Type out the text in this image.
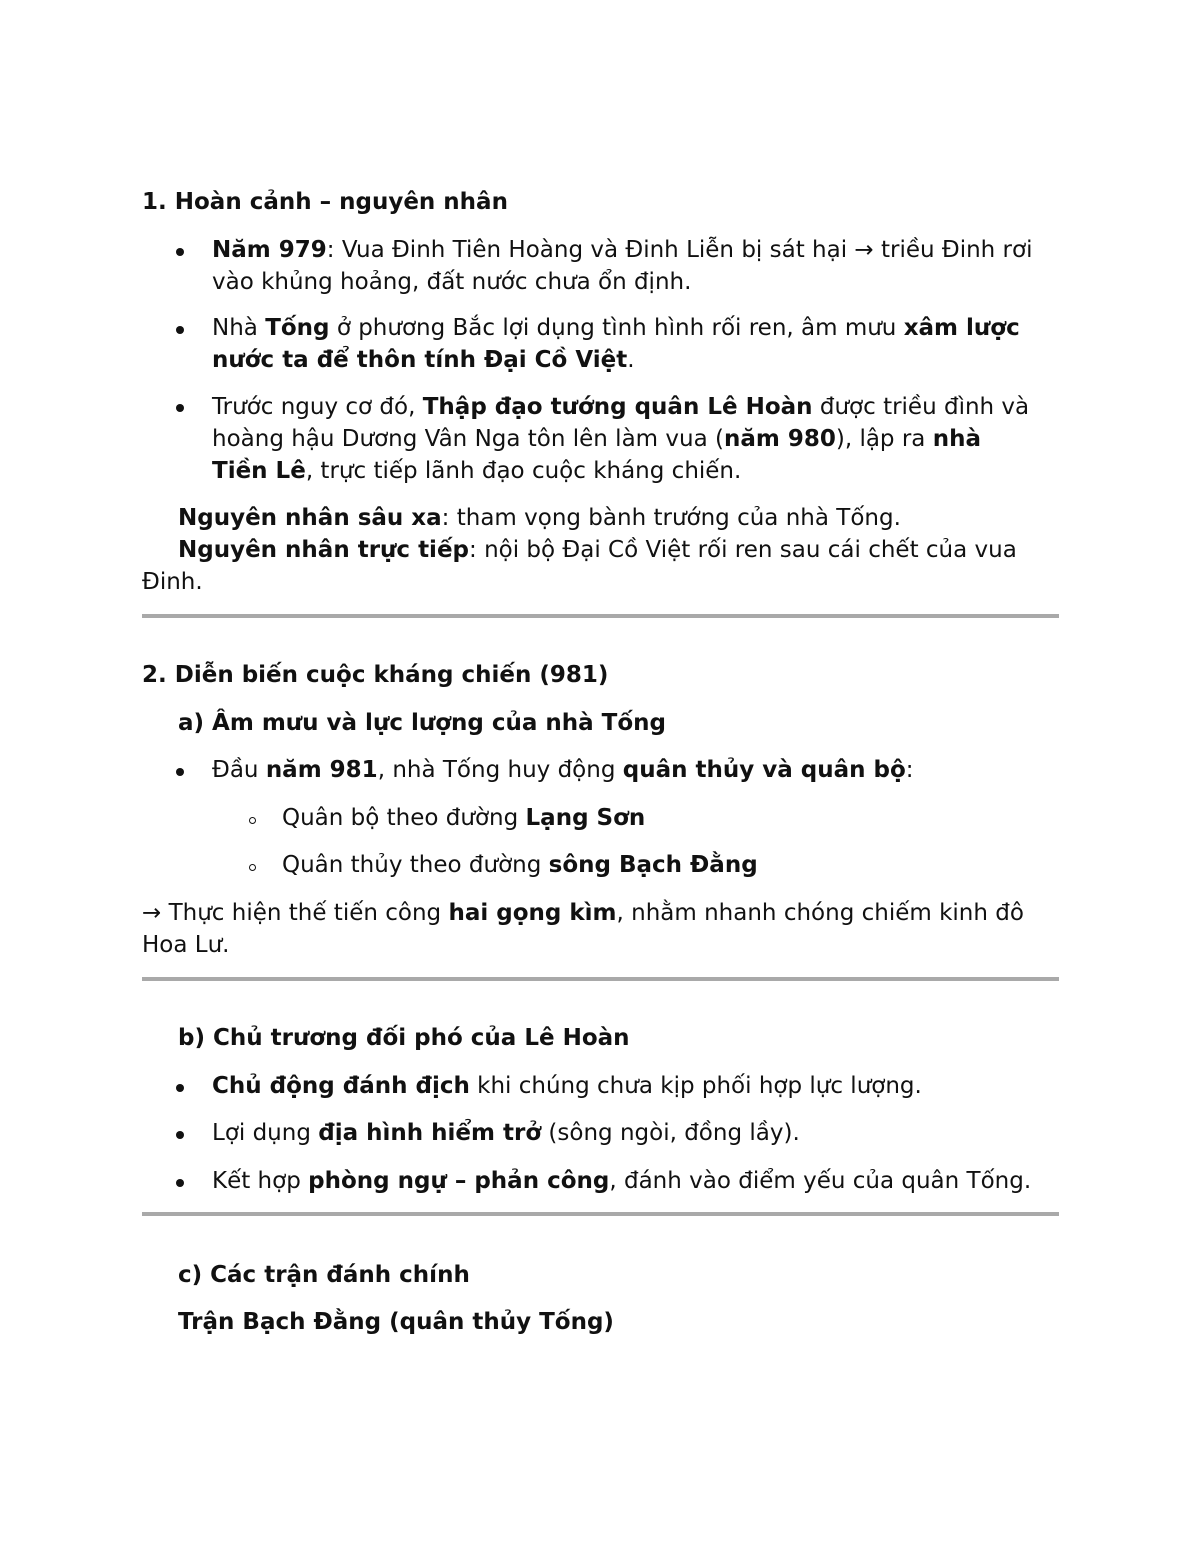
1. Hoàn cảnh – nguyên nhân
Năm 979: Vua Đinh Tiên Hoàng và Đinh Liễn bị sát hại → triều Đinh rơi
vào khủng hoảng, đất nước chưa ổn định.
Nhà Tống ở phương Bắc lợi dụng tình hình rối ren, âm mưu xâm lược
nước ta để thôn tính Đại Cồ Việt.
Trước nguy cơ đó, Thập đạo tướng quân Lê Hoàn được triều đình và
hoàng hậu Dương Vân Nga tôn lên làm vua (năm 980), lập ra nhà
Tiền Lê, trực tiếp lãnh đạo cuộc kháng chiến.
Nguyên nhân sâu xa: tham vọng bành trướng của nhà Tống.
Nguyên nhân trực tiếp: nội bộ Đại Cồ Việt rối ren sau cái chết của vua
Đinh.
2. Diễn biến cuộc kháng chiến (981)
a) Âm mưu và lực lượng của nhà Tống
Đầu năm 981, nhà Tống huy động quân thủy và quân bộ:
Quân bộ theo đường Lạng Sơn
Quân thủy theo đường sông Bạch Đằng
→ Thực hiện thế tiến công hai gọng kìm, nhằm nhanh chóng chiếm kinh đô
Hoa Lư.
b) Chủ trương đối phó của Lê Hoàn
Chủ động đánh địch khi chúng chưa kịp phối hợp lực lượng.
Lợi dụng địa hình hiểm trở (sông ngòi, đồng lầy).
Kết hợp phòng ngự – phản công, đánh vào điểm yếu của quân Tống.
c) Các trận đánh chính
Trận Bạch Đằng (quân thủy Tống)
